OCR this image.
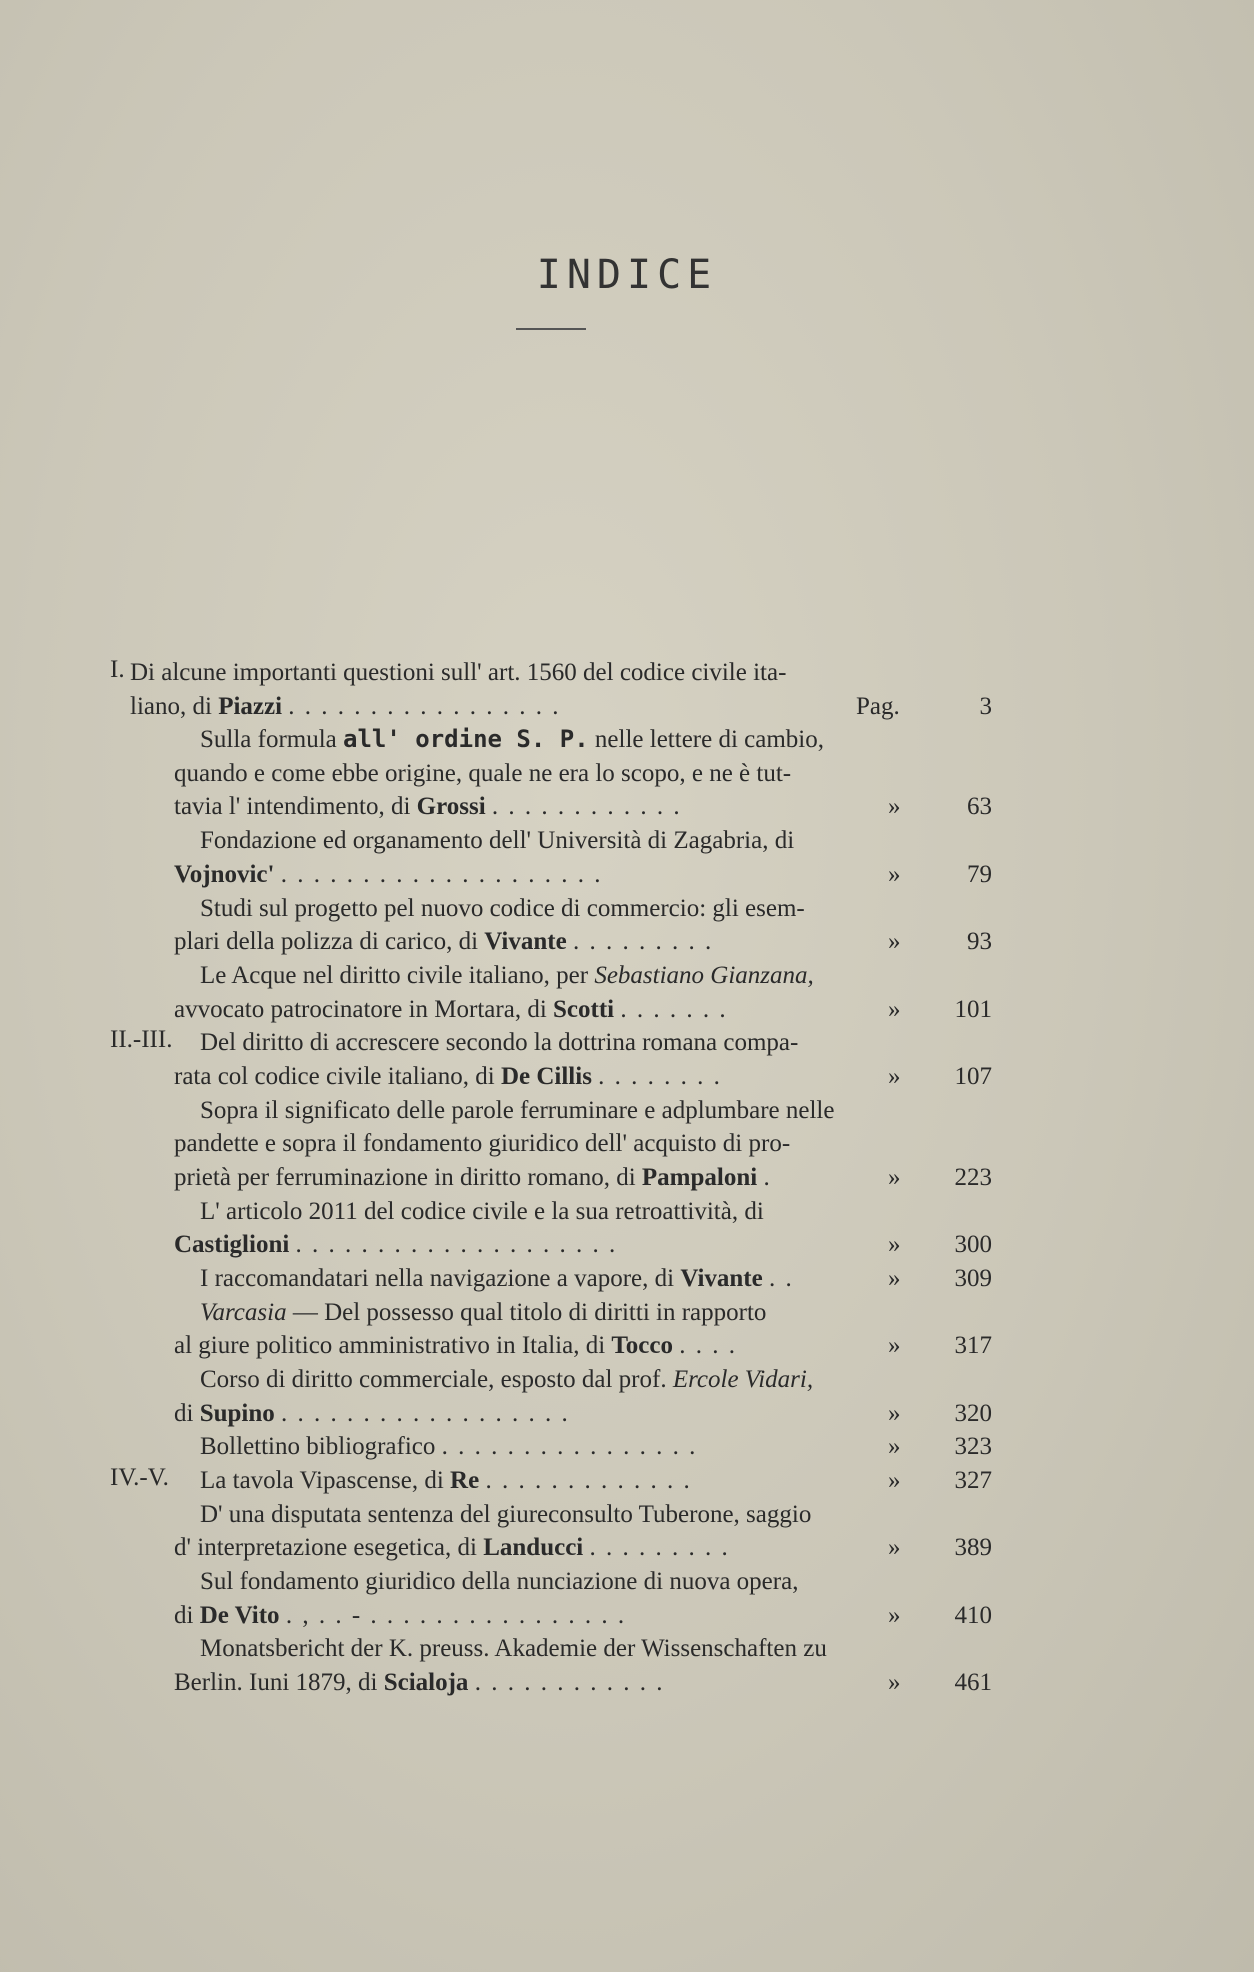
INDICE
I. Di alcune importanti questioni sull' art. 1560 del codice civile ita-
liano, di Piazzi . . . . . . . . . . . . . . . . .	Pag.	3
Sulla formula all' ordine S. P. nelle lettere di cambio,
quando e come ebbe origine, quale ne era lo scopo, e ne è tut-
tavia l' intendimento, di Grossi . . . . . . . . . . . .	»	63
Fondazione ed organamento dell' Università di Zagabria, di
Vojnovic' . . . . . . . . . . . . . . . . . . . .	»	79
Studi sul progetto pel nuovo codice di commercio: gli esem-
plari della polizza di carico, di Vivante . . . . . . . . .	»	93
Le Acque nel diritto civile italiano, per Sebastiano Gianzana,
avvocato patrocinatore in Mortara, di Scotti . . . . . . .	» 101
II.-III. Del diritto di accrescere secondo la dottrina romana compa-
rata col codice civile italiano, di De Cillis . . . . . . . .	» 107
Sopra il significato delle parole ferruminare e adplumbare nelle
pandette e sopra il fondamento giuridico dell' acquisto di pro-
prietà per ferruminazione in diritto romano, di Pampaloni .	» 223
L' articolo 2011 del codice civile e la sua retroattività, di
Castiglioni . . . . . . . . . . . . . . . . . . . .	» 300
I raccomandatari nella navigazione a vapore, di Vivante . .	» 309
Varcasia — Del possesso qual titolo di diritti in rapporto
al giure politico amministrativo in Italia, di Tocco . . . .	» 317
Corso di diritto commerciale, esposto dal prof. Ercole Vidari,
di Supino . . . . . . . . . . . . . . . . . .	» 320
Bollettino bibliografico . . . . . . . . . . . . . . . .	» 323
IV.-V. La tavola Vipascense, di Re . . . . . . . . . . . . .	» 327
D' una disputata sentenza del giureconsulto Tuberone, saggio
d' interpretazione esegetica, di Landucci . . . . . . . . .	» 389
Sul fondamento giuridico della nunciazione di nuova opera,
di De Vito . , . . - . . . . . . . . . . . . . . . .	» 410
Monatsbericht der K. preuss. Akademie der Wissenschaften zu
Berlin. Iuni 1879, di Scialoja . . . . . . . . . . . .	» 461
